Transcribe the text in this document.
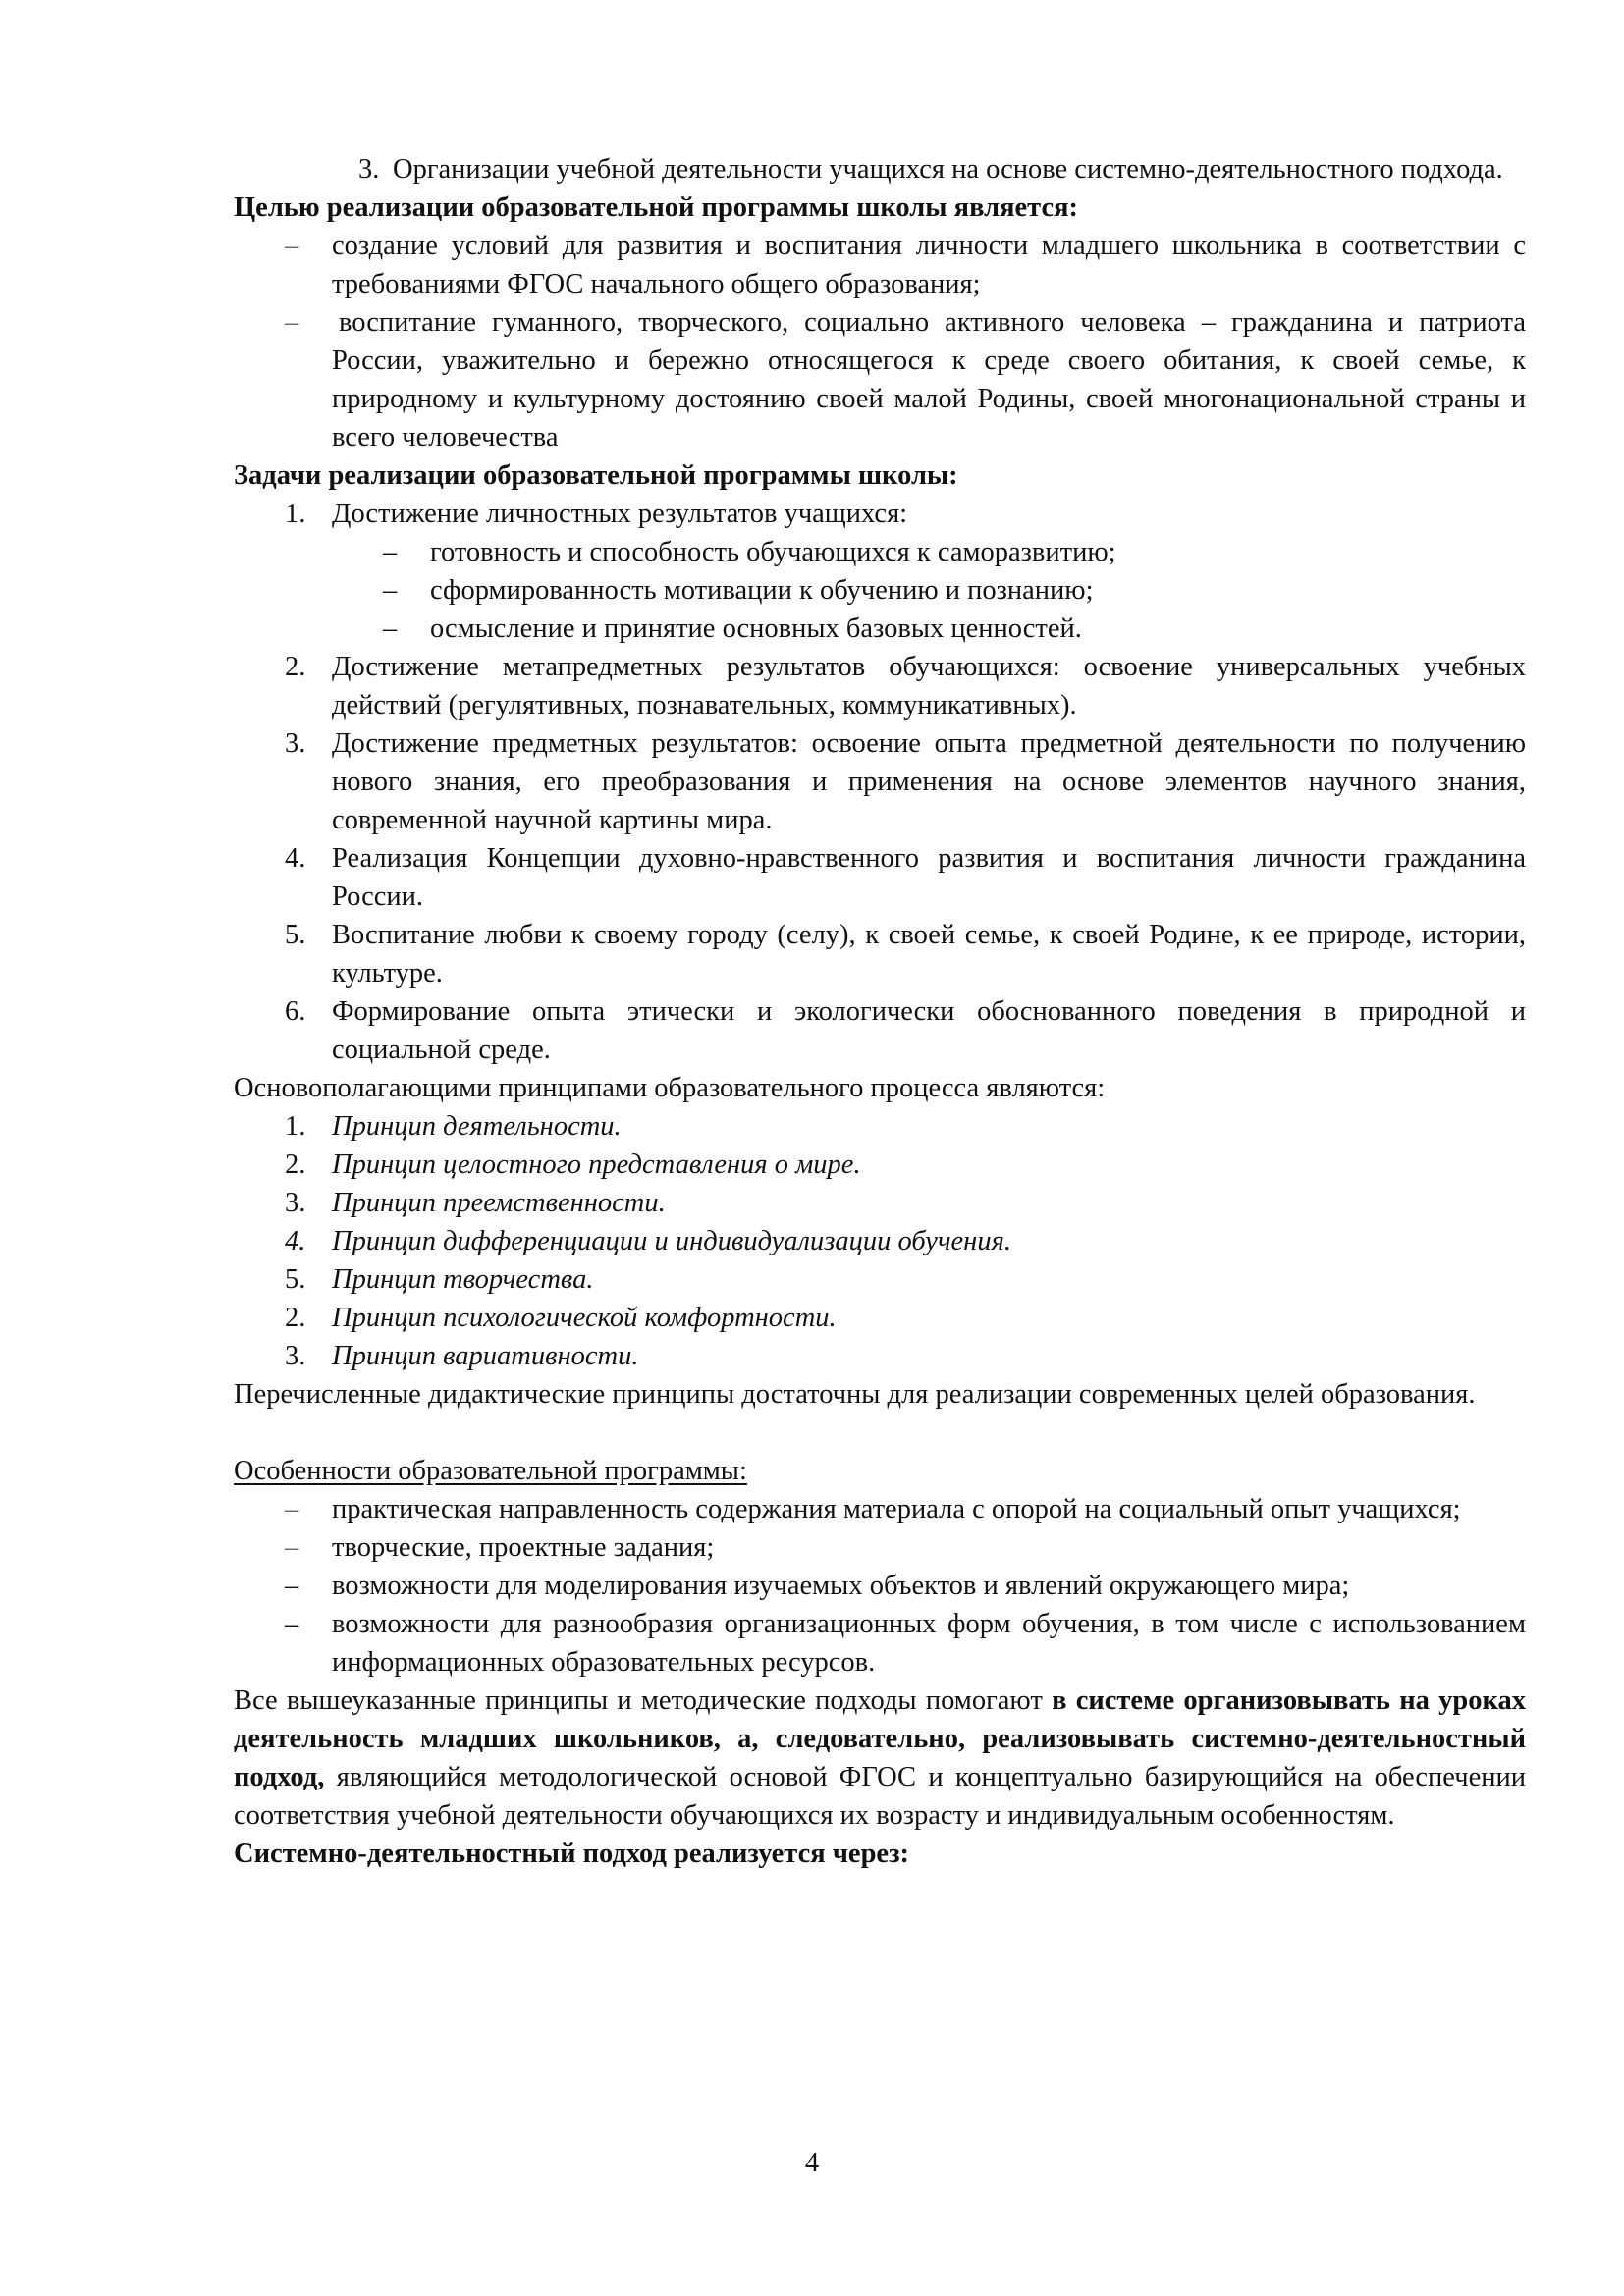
3. Организации учебной деятельности учащихся на основе системно-деятельностного подхода.

Целью реализации образовательной программы школы является:

– создание условий для развития и воспитания личности младшего школьника в соответствии с требованиями ФГОС начального общего образования;
– воспитание гуманного, творческого, социально активного человека – гражданина и патриота России, уважительно и бережно относящегося к среде своего обитания, к своей семье, к природному и культурному достоянию своей малой Родины, своей многонациональной страны и всего человечества

Задачи реализации образовательной программы школы:

1. Достижение личностных результатов учащихся:
– готовность и способность обучающихся к саморазвитию;
– сформированность мотивации к обучению и познанию;
– осмысление и принятие основных базовых ценностей.
2. Достижение метапредметных результатов обучающихся: освоение универсальных учебных действий (регулятивных, познавательных, коммуникативных).
3. Достижение предметных результатов: освоение опыта предметной деятельности по получению нового знания, его преобразования и применения на основе элементов научного знания, современной научной картины мира.
4. Реализация Концепции духовно-нравственного развития и воспитания личности гражданина России.
5. Воспитание любви к своему городу (селу), к своей семье, к своей Родине, к ее природе, истории, культуре.
6. Формирование опыта этически и экологически обоснованного поведения в природной и социальной среде.

Основополагающими принципами образовательного процесса являются:

1. Принцип деятельности.
2. Принцип целостного представления о мире.
3. Принцип преемственности.
4. Принцип дифференциации и индивидуализации обучения.
5. Принцип творчества.
2. Принцип психологической комфортности.
3. Принцип вариативности.

Перечисленные дидактические принципы достаточны для реализации современных целей образования.

Особенности образовательной программы:

– практическая направленность содержания материала с опорой на социальный опыт учащихся;
– творческие, проектные задания;
– возможности для моделирования изучаемых объектов и явлений окружающего мира;
– возможности для разнообразия организационных форм обучения, в том числе с использованием информационных образовательных ресурсов.

Все вышеуказанные принципы и методические подходы помогают в системе организовывать на уроках деятельность младших школьников, а, следовательно, реализовывать системно-деятельностный подход, являющийся методологической основой ФГОС и концептуально базирующийся на обеспечении соответствия учебной деятельности обучающихся их возрасту и индивидуальным особенностям.

Системно-деятельностный подход реализуется через:

4
